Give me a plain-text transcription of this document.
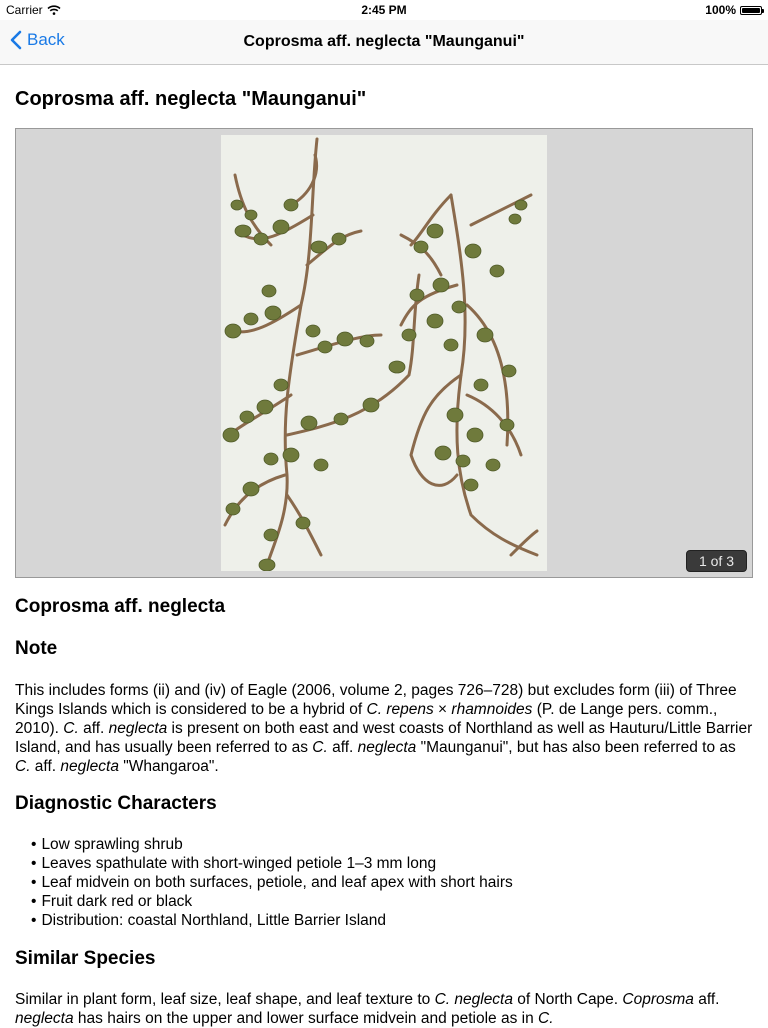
Carrier	2:45 PM	100%
Back	Coprosma aff. neglecta "Maunganui"
Coprosma aff. neglecta "Maunganui"
1 of 3
Coprosma aff. neglecta
Note

This includes forms (ii) and (iv) of Eagle (2006, volume 2, pages 726–728) but excludes form (iii) of Three Kings Islands which is considered to be a hybrid of C. repens × rhamnoides (P. de Lange pers. comm., 2010). C. aff. neglecta is present on both east and west coasts of Northland as well as Hauturu/Little Barrier Island, and has usually been referred to as C. aff. neglecta "Maunganui", but has also been referred to as C. aff. neglecta "Whangaroa".

Diagnostic Characters
• Low sprawling shrub
• Leaves spathulate with short-winged petiole 1–3 mm long
• Leaf midvein on both surfaces, petiole, and leaf apex with short hairs
• Fruit dark red or black
• Distribution: coastal Northland, Little Barrier Island
Similar Species

Similar in plant form, leaf size, leaf shape, and leaf texture to C. neglecta of North Cape. Coprosma aff. neglecta has hairs on the upper and lower surface midvein and petiole as in C.
